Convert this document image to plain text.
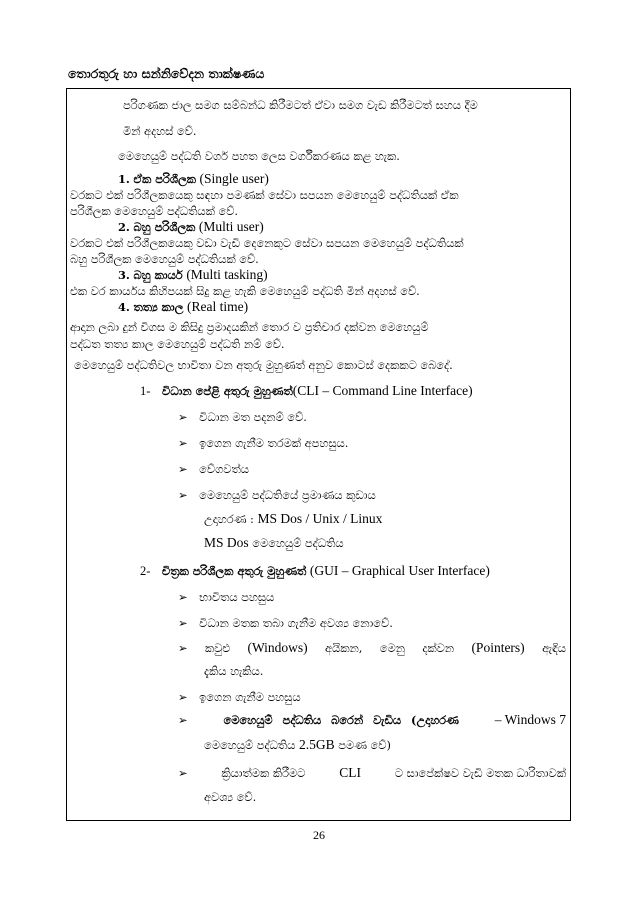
තොරතුරු හා සන්නිවේදන තාක්ෂණය
පරිගණක ජාල සමග සම්බන්ධ කිරීමටත් ඒවා සමග වැඩ කිරීමටත් සහය දීම
මින් අදහස් වේ.
මෙහෙයුම් පද්ධති වර්ග පහත ලෙස වර්ගීකරණය කළ හැක.
1. ඒක පරිශීලක (Single user)
වරකට එක් පරිශීලකයෙකු සඳහා පමණක් සේවා සපයන මෙහෙයුම් පද්ධතියක් ඒක
පරිශීලක මෙහෙයුම් පද්ධතියක් වේ.
2. බහු පරිශීලක (Multi user)
වරකට එක් පරිශීලකයෙකු වඩා වැඩි දෙනෙකුට සේවා සපයන මෙහෙයුම් පද්ධතියක්
බහු පරිශීලක මෙහෙයුම් පද්ධතියක් වේ.
3. බහු කාර්ය (Multi tasking)
එක වර කාර්යය කිහිපයක් සිදු කළ හැකි මෙහෙයුම් පද්ධති මින් අදහස් වේ.
4. තත්‍ය කාල (Real time)
ආදාන ලබා දුන් විගස ම කිසිදු ප්‍රමාදයකින් තොර ව ප්‍රතිචාර දක්වන මෙහෙයුම්
පද්ධත තත්‍ය කාල මෙහෙයුම් පද්ධති නම් වේ.
මෙහෙයුම් පද්ධතිවල භාවිතා වන අතුරු මුහුණත් අනුව කොටස් දෙකකට බෙදේ.
1- විධාන පේළි අතුරු මුහුණත්(CLI – Command Line Interface)
➢ විධාන මත පදනම් වේ.
➢ ඉගෙන ගැනීම තරමක් අපහසුය.
➢ වේගවත්ය
➢ මෙහෙයුම් පද්ධතියේ ප්‍රමාණය කුඩාය
උදාහරණ : MS Dos / Unix / Linux
MS Dos මෙහෙයුම් පද්ධතිය
2- චිත්‍රක පරිශීලක අතුරු මුහුණත් (GUI – Graphical User Interface)
➢ භාවිතය පහසුය
➢ විධාන මතක තබා ගැනීම අවශ්‍ය නොවේ.
➢ කවුළු (Windows) අයිකන, මෙනු දක්වන (Pointers) ඇඳිය
දැකිය හැකිය.
➢ ඉගෙන ගැනීම පහසුය
➢	මෙහෙයුම් පද්ධතිය බරෙන් වැඩිය (උදාහරණ	– Windows 7
මෙහෙයුම් පද්ධතිය 2.5GB පමණ වේ)
➢	ක්‍රියාත්මක කිරීමට	CLI	ට සාපේක්ෂව වැඩි මතක ධාරිතාවක්
අවශ්‍ය වේ.
26
